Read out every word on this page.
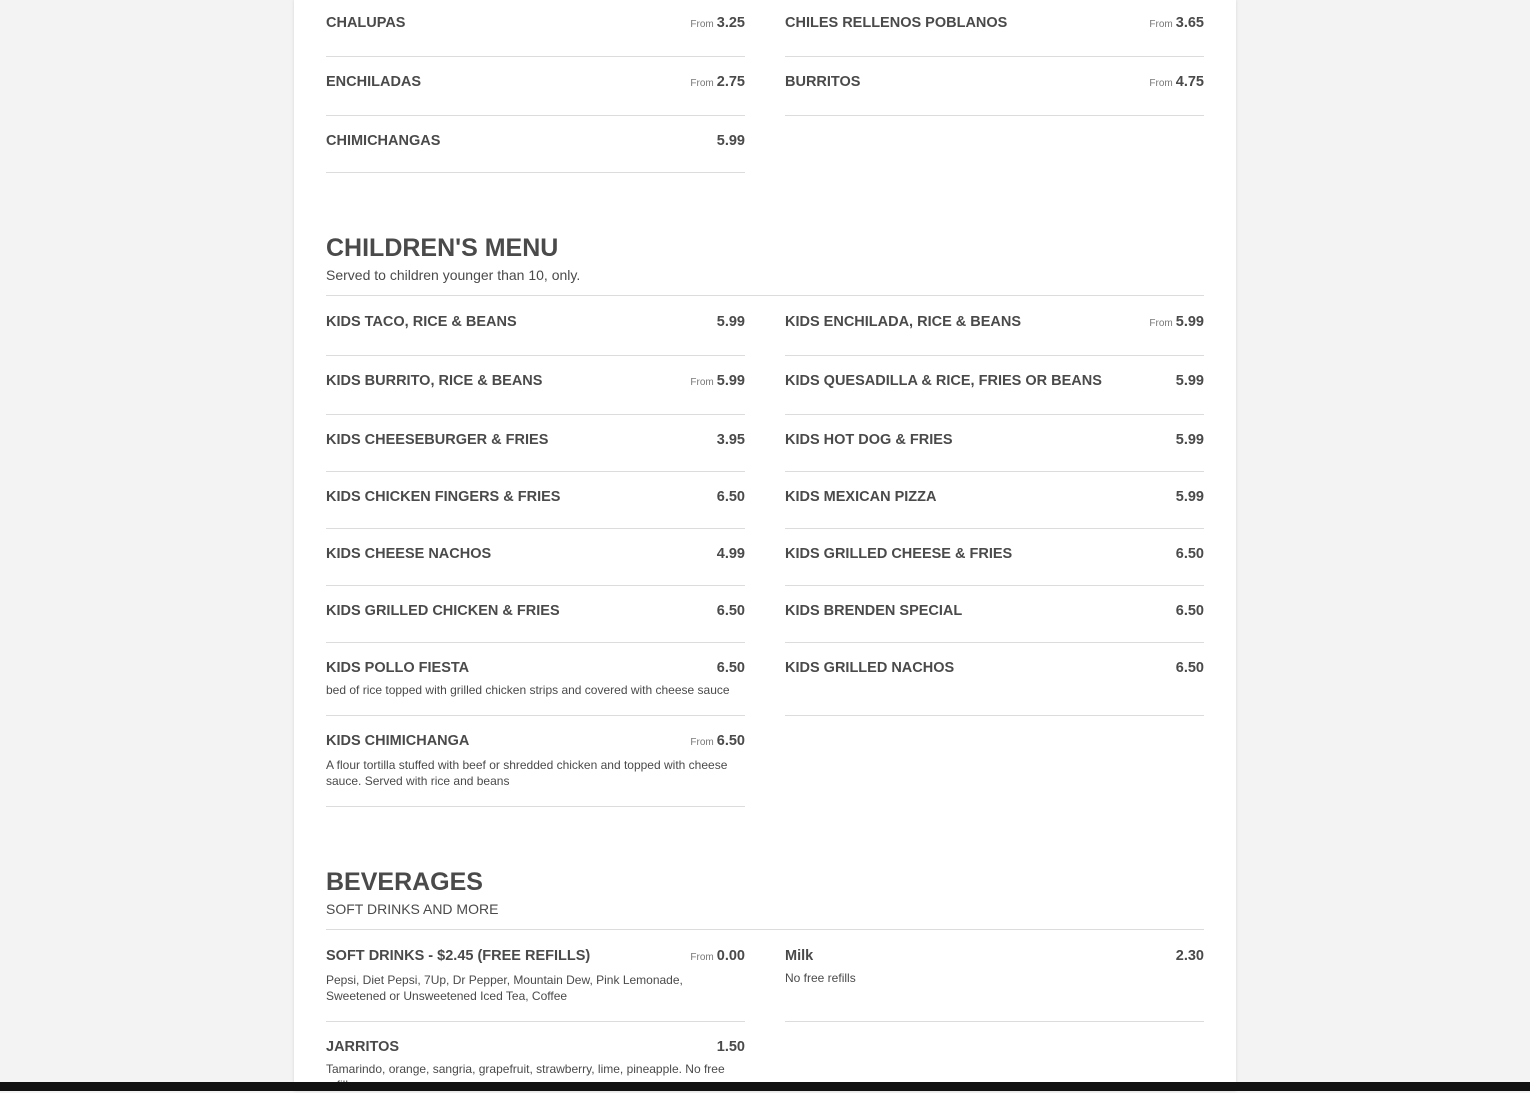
CHALUPAS	From 3.25	CHILES RELLENOS POBLANOS	From 3.65
ENCHILADAS	From 2.75	BURRITOS	From 4.75
CHIMICHANGAS	5.99
CHILDREN'S MENU
Served to children younger than 10, only.
KIDS TACO, RICE & BEANS	5.99	KIDS ENCHILADA, RICE & BEANS	From 5.99
KIDS BURRITO, RICE & BEANS	From 5.99	KIDS QUESADILLA & RICE, FRIES OR BEANS	5.99
KIDS CHEESEBURGER & FRIES	3.95	KIDS HOT DOG & FRIES	5.99
KIDS CHICKEN FINGERS & FRIES	6.50	KIDS MEXICAN PIZZA	5.99
KIDS CHEESE NACHOS	4.99	KIDS GRILLED CHEESE & FRIES	6.50
KIDS GRILLED CHICKEN & FRIES	6.50	KIDS BRENDEN SPECIAL	6.50
KIDS POLLO FIESTA	6.50
bed of rice topped with grilled chicken strips and covered with cheese sauce
KIDS GRILLED NACHOS	6.50
KIDS CHIMICHANGA	From 6.50
A flour tortilla stuffed with beef or shredded chicken and topped with cheese sauce. Served with rice and beans
BEVERAGES
SOFT DRINKS AND MORE
SOFT DRINKS - $2.45 (FREE REFILLS)	From 0.00
Pepsi, Diet Pepsi, 7Up, Dr Pepper, Mountain Dew, Pink Lemonade, Sweetened or Unsweetened Iced Tea, Coffee
Milk	2.30
No free refills
JARRITOS	1.50
Tamarindo, orange, sangria, grapefruit, strawberry, lime, pineapple. No free
